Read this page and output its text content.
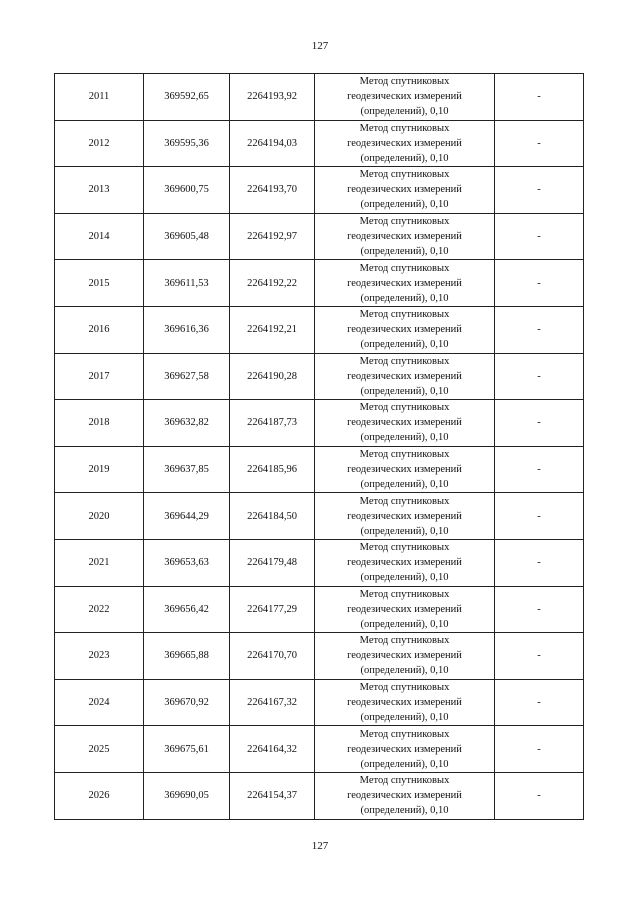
127
2011	369592,65	2264193,92	Метод спутниковых
геодезических измерений
(определений), 0,10	-
2012	369595,36	2264194,03	Метод спутниковых
геодезических измерений
(определений), 0,10	-
2013	369600,75	2264193,70	Метод спутниковых
геодезических измерений
(определений), 0,10	-
2014	369605,48	2264192,97	Метод спутниковых
геодезических измерений
(определений), 0,10	-
2015	369611,53	2264192,22	Метод спутниковых
геодезических измерений
(определений), 0,10	-
2016	369616,36	2264192,21	Метод спутниковых
геодезических измерений
(определений), 0,10	-
2017	369627,58	2264190,28	Метод спутниковых
геодезических измерений
(определений), 0,10	-
2018	369632,82	2264187,73	Метод спутниковых
геодезических измерений
(определений), 0,10	-
2019	369637,85	2264185,96	Метод спутниковых
геодезических измерений
(определений), 0,10	-
2020	369644,29	2264184,50	Метод спутниковых
геодезических измерений
(определений), 0,10	-
2021	369653,63	2264179,48	Метод спутниковых
геодезических измерений
(определений), 0,10	-
2022	369656,42	2264177,29	Метод спутниковых
геодезических измерений
(определений), 0,10	-
2023	369665,88	2264170,70	Метод спутниковых
геодезических измерений
(определений), 0,10	-
2024	369670,92	2264167,32	Метод спутниковых
геодезических измерений
(определений), 0,10	-
2025	369675,61	2264164,32	Метод спутниковых
геодезических измерений
(определений), 0,10	-
2026	369690,05	2264154,37	Метод спутниковых
геодезических измерений
(определений), 0,10	-
127
